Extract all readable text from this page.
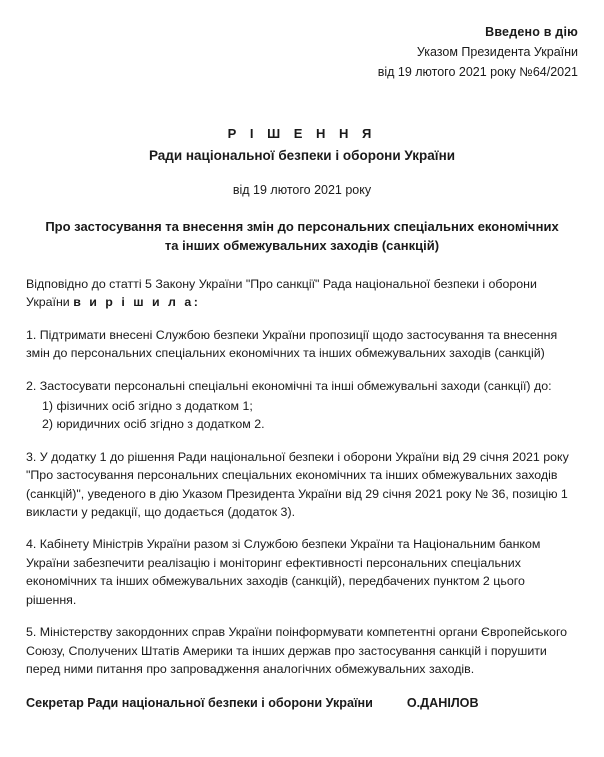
Введено в дію
Указом Президента України
від 19 лютого 2021 року №64/2021
Р І Ш Е Н Н Я
Ради національної безпеки і оборони України
від 19 лютого 2021 року
Про застосування та внесення змін до персональних спеціальних економічних та інших обмежувальних заходів (санкцій)

Відповідно до статті 5 Закону України "Про санкції" Рада національної безпеки і оборони України в и р і ш и л а:

1. Підтримати внесені Службою безпеки України пропозиції щодо застосування та внесення змін до персональних спеціальних економічних та інших обмежувальних заходів (санкцій)

2. Застосувати персональні спеціальні економічні та інші обмежувальні заходи (санкції) до:

1) фізичних осіб згідно з додатком 1;
2) юридичних осіб згідно з додатком 2.

3. У додатку 1 до рішення Ради національної безпеки і оборони України від 29 січня 2021 року "Про застосування персональних спеціальних економічних та інших обмежувальних заходів (санкцій)", уведеного в дію Указом Президента України від 29 січня 2021 року № 36, позицію 1 викласти у редакції, що додається (додаток 3).

4. Кабінету Міністрів України разом зі Службою безпеки України та Національним банком України забезпечити реалізацію і моніторинг ефективності персональних спеціальних економічних та інших обмежувальних заходів (санкцій), передбачених пунктом 2 цього рішення.

5. Міністерству закордонних справ України поінформувати компетентні органи Європейського Союзу, Сполучених Штатів Америки та інших держав про застосування санкцій і порушити перед ними питання про запровадження аналогічних обмежувальних заходів.

Секретар Ради національної безпеки і оборони України	О.ДАНІЛОВ
